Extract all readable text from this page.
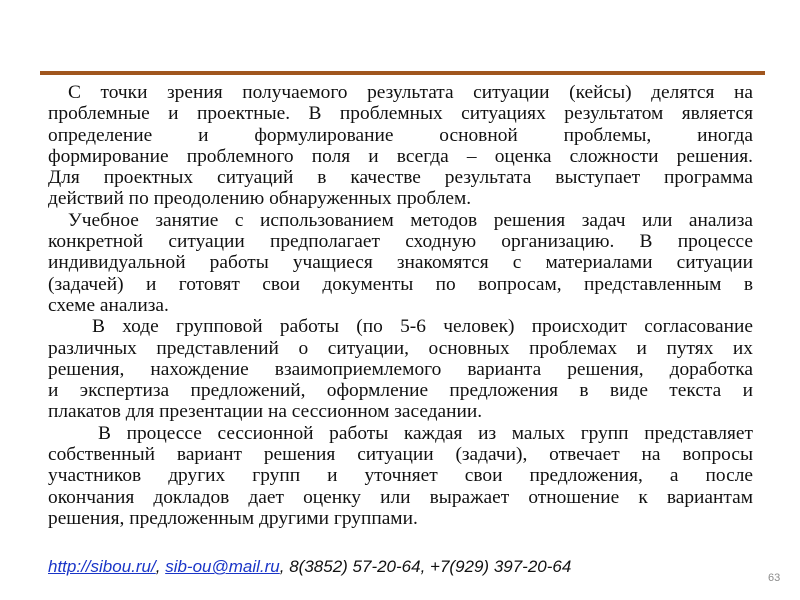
С точки зрения получаемого результата ситуации (кейсы) делятся на
проблемные и проектные. В проблемных ситуациях результатом является
определение и формулирование основной проблемы, иногда
формирование проблемного поля и всегда – оценка сложности решения.
Для проектных ситуаций в качестве результата выступает программа
действий по преодолению обнаруженных проблем.
Учебное занятие с использованием методов решения задач или анализа
конкретной ситуации предполагает сходную организацию. В процессе
индивидуальной работы учащиеся знакомятся с материалами ситуации
(задачей) и готовят свои документы по вопросам, представленным в
схеме анализа.
В ходе групповой работы (по 5-6 человек) происходит согласование
различных представлений о ситуации, основных проблемах и путях их
решения, нахождение взаимоприемлемого варианта решения, доработка
и экспертиза предложений, оформление предложения в виде текста и
плакатов для презентации на сессионном заседании.
В процессе сессионной работы каждая из малых групп представляет
собственный вариант решения ситуации (задачи), отвечает на вопросы
участников других групп и уточняет свои предложения, а после
окончания докладов дает оценку или выражает отношение к вариантам
решения, предложенным другими группами.
http://sibou.ru/, sib-ou@mail.ru, 8(3852) 57-20-64, +7(929) 397-20-64
63
